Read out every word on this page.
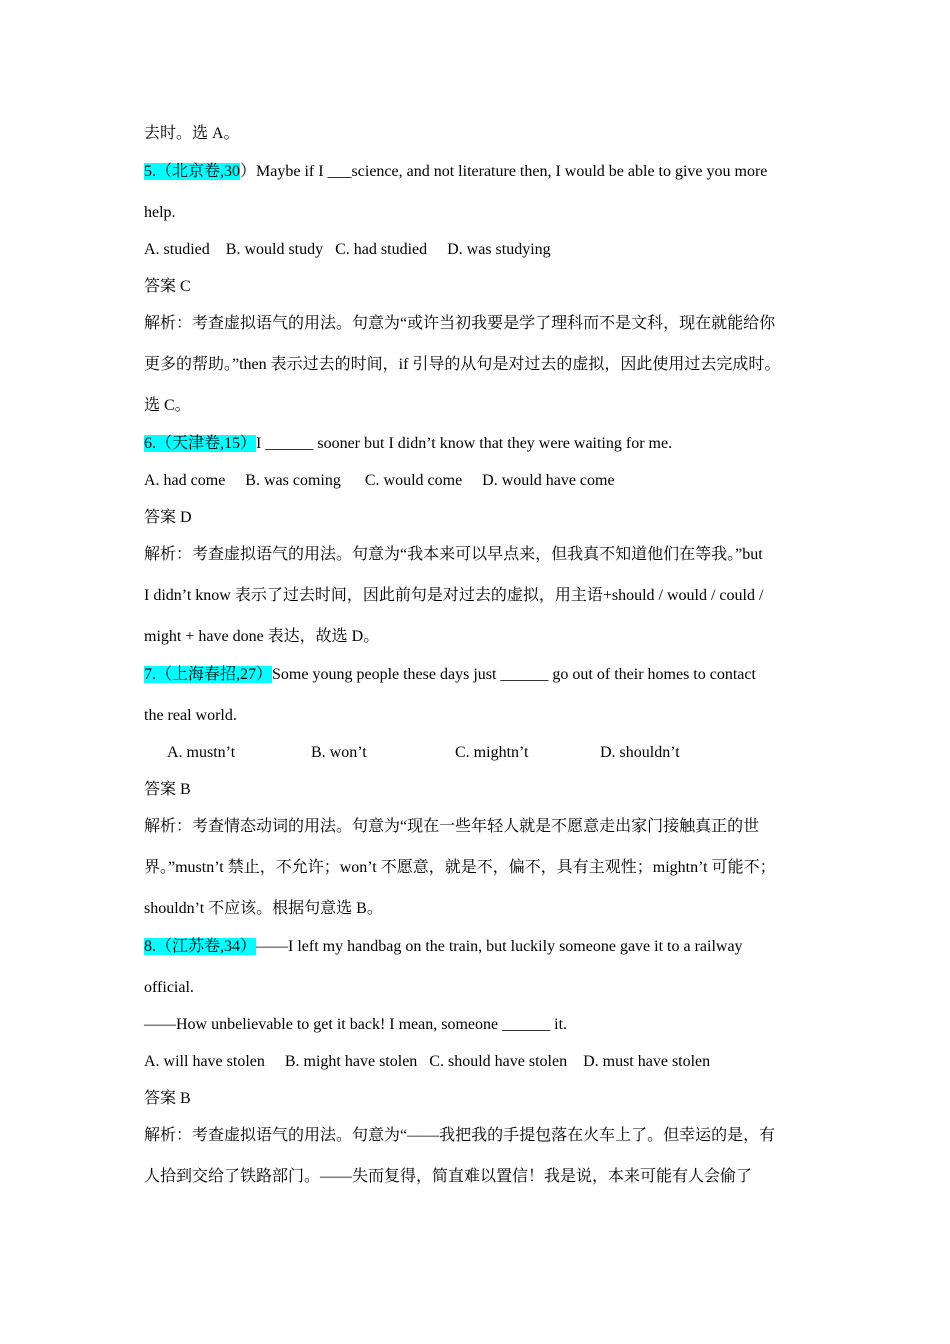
去时。选 A。
5.（北京卷,30）Maybe if I ___science, and not literature then, I would be able to give you more
help.
A. studied    B. would study   C. had studied     D. was studying
答案 C
解析：考查虚拟语气的用法。句意为“或许当初我要是学了理科而不是文科，现在就能给你
更多的帮助。”then 表示过去的时间，if 引导的从句是对过去的虚拟，因此使用过去完成时。
选 C。
6.（天津卷,15）I ______ sooner but I didn’t know that they were waiting for me.
A. had come     B. was coming      C. would come     D. would have come
答案 D
解析：考查虚拟语气的用法。句意为“我本来可以早点来，但我真不知道他们在等我。”but
I didn’t know 表示了过去时间，因此前句是对过去的虚拟，用主语+should / would / could /
might + have done 表达，故选 D。
7.（上海春招,27）Some young people these days just ______ go out of their homes to contact
the real world.
A. mustn’t	B. won’t	C. mightn’t	D. shouldn’t
答案 B
解析：考查情态动词的用法。句意为“现在一些年轻人就是不愿意走出家门接触真正的世
界。”mustn’t 禁止，不允许；won’t 不愿意，就是不，偏不，具有主观性；mightn’t 可能不；
shouldn’t 不应该。根据句意选 B。
8.（江苏卷,34）——I left my handbag on the train, but luckily someone gave it to a railway
official.
——How unbelievable to get it back! I mean, someone ______ it.
A. will have stolen     B. might have stolen   C. should have stolen    D. must have stolen
答案 B
解析：考查虚拟语气的用法。句意为“——我把我的手提包落在火车上了。但幸运的是，有
人拾到交给了铁路部门。——失而复得，简直难以置信！我是说，本来可能有人会偷了
